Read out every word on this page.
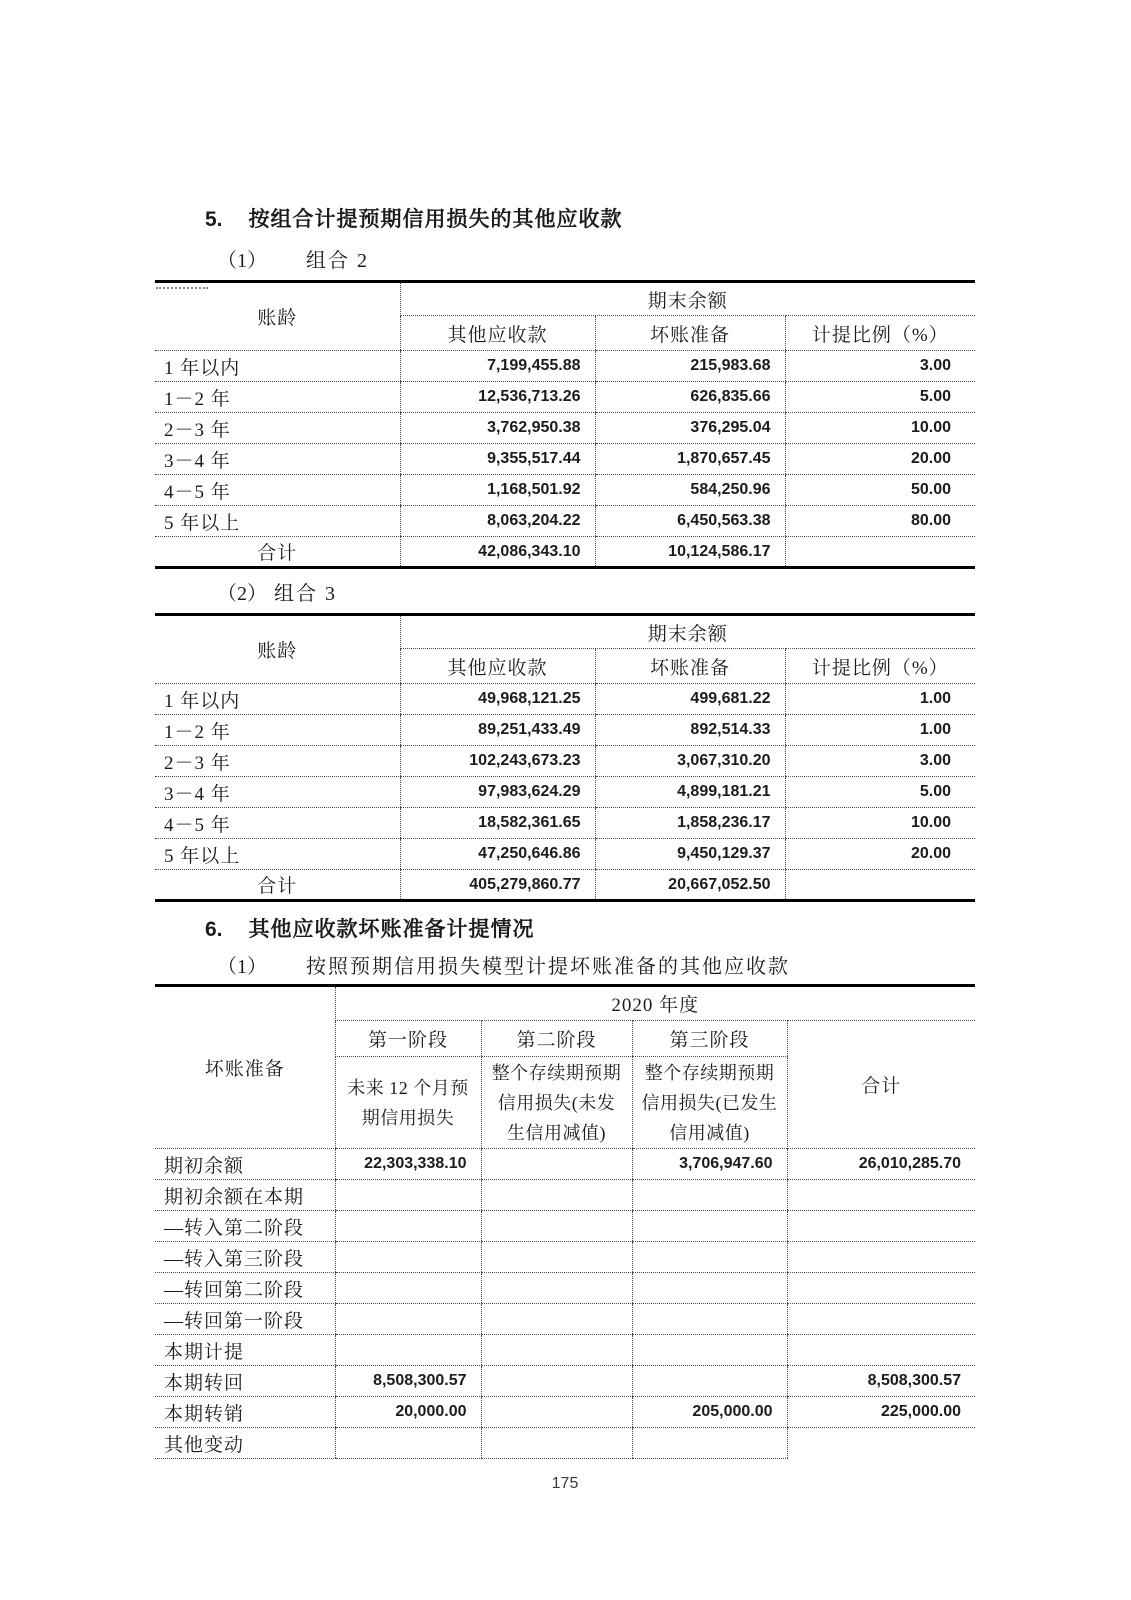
5. 按组合计提预期信用损失的其他应收款
（1） 组合 2
账龄	期末余额		
	其他应收款	坏账准备	计提比例（%）
1 年以内	7,199,455.88	215,983.68	3.00
1－2 年	12,536,713.26	626,835.66	5.00
2－3 年	3,762,950.38	376,295.04	10.00
3－4 年	9,355,517.44	1,870,657.45	20.00
4－5 年	1,168,501.92	584,250.96	50.00
5 年以上	8,063,204.22	6,450,563.38	80.00
合计	42,086,343.10	10,124,586.17	
（2） 组合 3
账龄	期末余额		
	其他应收款	坏账准备	计提比例（%）
1 年以内	49,968,121.25	499,681.22	1.00
1－2 年	89,251,433.49	892,514.33	1.00
2－3 年	102,243,673.23	3,067,310.20	3.00
3－4 年	97,983,624.29	4,899,181.21	5.00
4－5 年	18,582,361.65	1,858,236.17	10.00
5 年以上	47,250,646.86	9,450,129.37	20.00
合计	405,279,860.77	20,667,052.50	
6. 其他应收款坏账准备计提情况
（1） 按照预期信用损失模型计提坏账准备的其他应收款
坏账准备	2020 年度			
	第一阶段	第二阶段	第三阶段	合计
	未来 12 个月预期信用损失	整个存续期预期信用损失(未发生信用减值)	整个存续期预期信用损失(已发生信用减值)	
期初余额	22,303,338.10		3,706,947.60	26,010,285.70
期初余额在本期				
—转入第二阶段				
—转入第三阶段				
—转回第二阶段				
—转回第一阶段				
本期计提				
本期转回	8,508,300.57			8,508,300.57
本期转销	20,000.00		205,000.00	225,000.00
其他变动				
175
